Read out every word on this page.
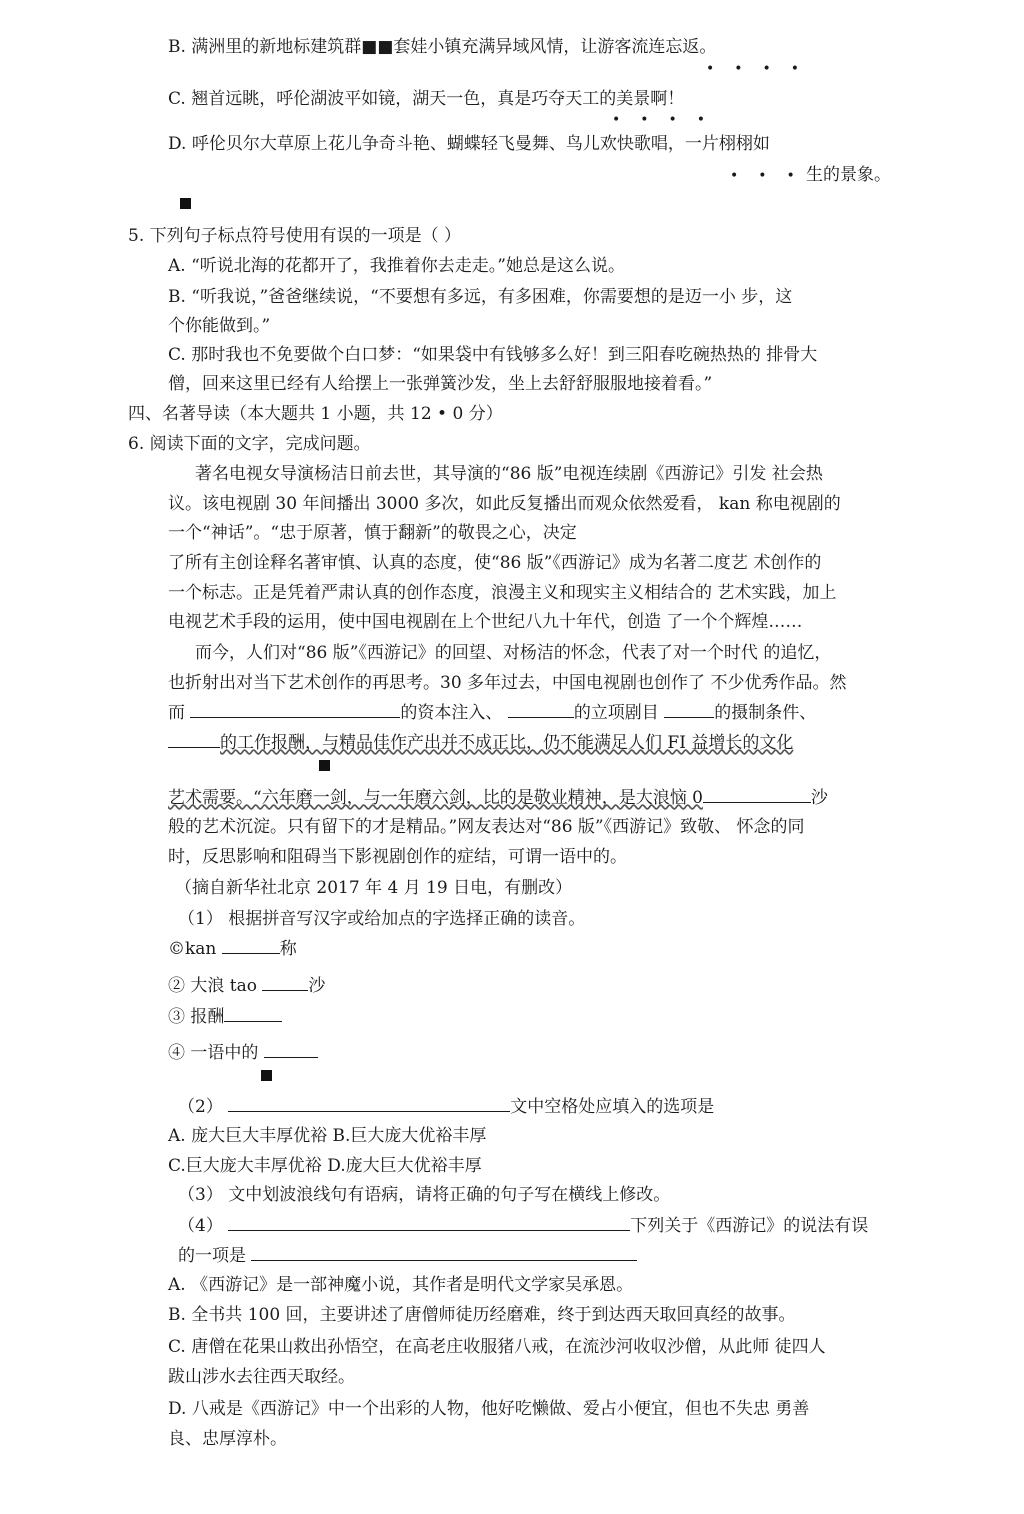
B. 满洲里的新地标建筑群■■套娃小镇充满异域风情，让游客流连忘返。
••••
C. 翘首远眺，呼伦湖波平如镜，湖天一色，真是巧夺天工的美景啊！
••••
D. 呼伦贝尔大草原上花儿争奇斗艳、蝴蝶轻飞曼舞、鸟儿欢快歌唱，一片栩栩如
•••
生的景象。
5. 下列句子标点符号使用有误的一项是（ ）
A. “听说北海的花都开了，我推着你去走走。”她总是这么说。
B. “听我说，”爸爸继续说，“不要想有多远，有多困难，你需要想的是迈一小 步，这
个你能做到。”
C. 那时我也不免要做个白口梦：“如果袋中有钱够多么好！到三阳春吃碗热热的 排骨大
僧，回来这里已经有人给摆上一张弹簧沙发，坐上去舒舒服服地接着看。”
四、名著导读（本大题共 1 小题，共 12 • 0 分）
6. 阅读下面的文字，完成问题。
著名电视女导演杨洁日前去世，其导演的“86 版”电视连续剧《西游记》引发 社会热
议。该电视剧 30 年间播出 3000 多次，如此反复播出而观众依然爱看， kan 称电视剧的
一个“神话”。“忠于原著，慎于翻新”的敬畏之心，决定
了所有主创诠释名著审慎、认真的态度，使“86 版”《西游记》成为名著二度艺 术创作的
一个标志。正是凭着严肃认真的创作态度，浪漫主义和现实主义相结合的 艺术实践，加上
电视艺术手段的运用，使中国电视剧在上个世纪八九十年代，创造 了一个个辉煌……
而今，人们对“86 版”《西游记》的回望、对杨洁的怀念，代表了对一个时代 的追忆，
也折射出对当下艺术创作的再思考。30 多年过去，中国电视剧也创作了 不少优秀作品。然
而	的资本注入、	的立项剧目	的摄制条件、
的工作报酬，与精品佳作产出并不成正比，仍不能满足人们 FI 益增长的文化
艺术需要。“六年磨一剑，与一年磨六剑，比的是敬业精神，是大浪恼 0	沙
般的艺术沉淀。只有留下的才是精品。”网友表达对“86 版”《西游记》致敬、 怀念的同
时，反思影响和阻碍当下影视剧创作的症结，可谓一语中的。
（摘自新华社北京 2017 年 4 月 19 日电，有删改）
（1） 根据拼音写汉字或给加点的字选择正确的读音。
©kan	称
② 大浪 tao	沙
③ 报酬
④ 一语中的
（2）	文中空格处应填入的选项是
A. 庞大巨大丰厚优裕 B.巨大庞大优裕丰厚
C.巨大庞大丰厚优裕 D.庞大巨大优裕丰厚
（3） 文中划波浪线句有语病，请将正确的句子写在横线上修改。
（4）	下列关于《西游记》的说法有误
的一项是
A. 《西游记》是一部神魔小说，其作者是明代文学家吴承恩。
B. 全书共 100 回，主要讲述了唐僧师徒历经磨难，终于到达西天取回真经的故事。
C. 唐僧在花果山救出孙悟空，在高老庄收服猪八戒，在流沙河收収沙僧，从此师 徒四人
跋山涉水去往西天取经。
D. 八戒是《西游记》中一个出彩的人物，他好吃懒做、爱占小便宜，但也不失忠 勇善
良、忠厚淳朴。
